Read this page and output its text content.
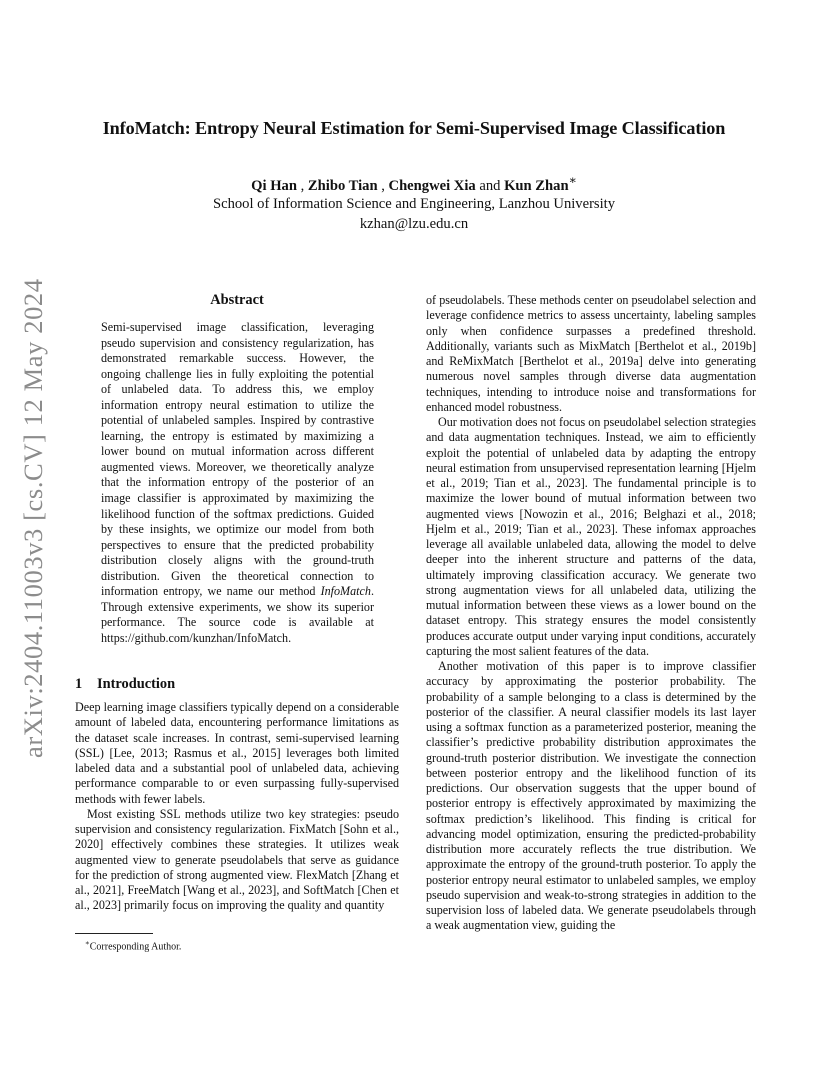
arXiv:2404.11003v3 [cs.CV] 12 May 2024
InfoMatch: Entropy Neural Estimation for Semi-Supervised Image Classification
Qi Han , Zhibo Tian , Chengwei Xia and Kun Zhan∗
School of Information Science and Engineering, Lanzhou University
kzhan@lzu.edu.cn
Abstract
Semi-supervised image classification, leveraging pseudo supervision and consistency regularization, has demonstrated remarkable success. However, the ongoing challenge lies in fully exploiting the potential of unlabeled data. To address this, we employ information entropy neural estimation to utilize the potential of unlabeled samples. Inspired by contrastive learning, the entropy is estimated by maximizing a lower bound on mutual information across different augmented views. Moreover, we theoretically analyze that the information entropy of the posterior of an image classifier is approximated by maximizing the likelihood function of the softmax predictions. Guided by these insights, we optimize our model from both perspectives to ensure that the predicted probability distribution closely aligns with the ground-truth distribution. Given the theoretical connection to information entropy, we name our method InfoMatch. Through extensive experiments, we show its superior performance. The source code is available at https://github.com/kunzhan/InfoMatch.
1 Introduction

Deep learning image classifiers typically depend on a considerable amount of labeled data, encountering performance limitations as the dataset scale increases. In contrast, semi-supervised learning (SSL) [Lee, 2013; Rasmus et al., 2015] leverages both limited labeled data and a substantial pool of unlabeled data, achieving performance comparable to or even surpassing fully-supervised methods with fewer labels.

Most existing SSL methods utilize two key strategies: pseudo supervision and consistency regularization. FixMatch [Sohn et al., 2020] effectively combines these strategies. It utilizes weak augmented view to generate pseudolabels that serve as guidance for the prediction of strong augmented view. FlexMatch [Zhang et al., 2021], FreeMatch [Wang et al., 2023], and SoftMatch [Chen et al., 2023] primarily focus on improving the quality and quantity

of pseudolabels. These methods center on pseudolabel selection and leverage confidence metrics to assess uncertainty, labeling samples only when confidence surpasses a predefined threshold. Additionally, variants such as MixMatch [Berthelot et al., 2019b] and ReMixMatch [Berthelot et al., 2019a] delve into generating numerous novel samples through diverse data augmentation techniques, intending to introduce noise and transformations for enhanced model robustness.

Our motivation does not focus on pseudolabel selection strategies and data augmentation techniques. Instead, we aim to efficiently exploit the potential of unlabeled data by adapting the entropy neural estimation from unsupervised representation learning [Hjelm et al., 2019; Tian et al., 2023]. The fundamental principle is to maximize the lower bound of mutual information between two augmented views [Nowozin et al., 2016; Belghazi et al., 2018; Hjelm et al., 2019; Tian et al., 2023]. These infomax approaches leverage all available unlabeled data, allowing the model to delve deeper into the inherent structure and patterns of the data, ultimately improving classification accuracy. We generate two strong augmentation views for all unlabeled data, utilizing the mutual information between these views as a lower bound on the dataset entropy. This strategy ensures the model consistently produces accurate output under varying input conditions, accurately capturing the most salient features of the data.

Another motivation of this paper is to improve classifier accuracy by approximating the posterior probability. The probability of a sample belonging to a class is determined by the posterior of the classifier. A neural classifier models its last layer using a softmax function as a parameterized posterior, meaning the classifier’s predictive probability distribution approximates the ground-truth posterior distribution. We investigate the connection between posterior entropy and the likelihood function of its predictions. Our observation suggests that the upper bound of posterior entropy is effectively approximated by maximizing the softmax prediction’s likelihood. This finding is critical for advancing model optimization, ensuring the predicted-probability distribution more accurately reflects the true distribution. We approximate the entropy of the ground-truth posterior. To apply the posterior entropy neural estimator to unlabeled samples, we employ pseudo supervision and weak-to-strong strategies in addition to the supervision loss of labeled data. We generate pseudolabels through a weak augmentation view, guiding the

∗Corresponding Author.
